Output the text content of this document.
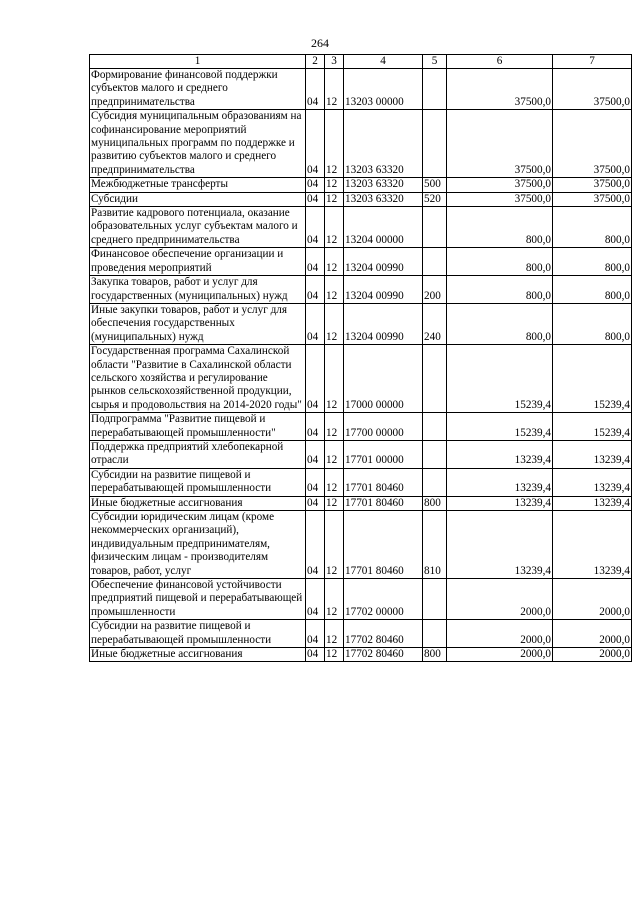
264
1	2	3	4	5	6	7
Формирование финансовой поддержки субъектов малого и среднего предпринимательства	04	12	13203 00000		37500,0	37500,0
Субсидия муниципальным образованиям на софинансирование мероприятий муниципальных программ по поддержке и развитию субъектов малого и среднего предпринимательства	04	12	13203 63320		37500,0	37500,0
Межбюджетные трансферты	04	12	13203 63320	500	37500,0	37500,0
Субсидии	04	12	13203 63320	520	37500,0	37500,0
Развитие кадрового потенциала, оказание образовательных услуг субъектам малого и среднего предпринимательства	04	12	13204 00000		800,0	800,0
Финансовое обеспечение организации и проведения мероприятий	04	12	13204 00990		800,0	800,0
Закупка товаров, работ и услуг для государственных (муниципальных) нужд	04	12	13204 00990	200	800,0	800,0
Иные закупки товаров, работ и услуг для обеспечения государственных (муниципальных) нужд	04	12	13204 00990	240	800,0	800,0
Государственная программа Сахалинской области "Развитие в Сахалинской области сельского хозяйства и регулирование рынков сельскохозяйственной продукции, сырья и продовольствия на 2014-2020 годы"	04	12	17000 00000		15239,4	15239,4
Подпрограмма "Развитие пищевой и перерабатывающей промышленности"	04	12	17700 00000		15239,4	15239,4
Поддержка предприятий хлебопекарной отрасли	04	12	17701 00000		13239,4	13239,4
Субсидии на развитие пищевой и перерабатывающей промышленности	04	12	17701 80460		13239,4	13239,4
Иные бюджетные ассигнования	04	12	17701 80460	800	13239,4	13239,4
Субсидии юридическим лицам (кроме некоммерческих организаций), индивидуальным предпринимателям, физическим лицам - производителям товаров, работ, услуг	04	12	17701 80460	810	13239,4	13239,4
Обеспечение финансовой устойчивости предприятий пищевой и перерабатывающей промышленности	04	12	17702 00000		2000,0	2000,0
Субсидии на развитие пищевой и перерабатывающей промышленности	04	12	17702 80460		2000,0	2000,0
Иные бюджетные ассигнования	04	12	17702 80460	800	2000,0	2000,0
